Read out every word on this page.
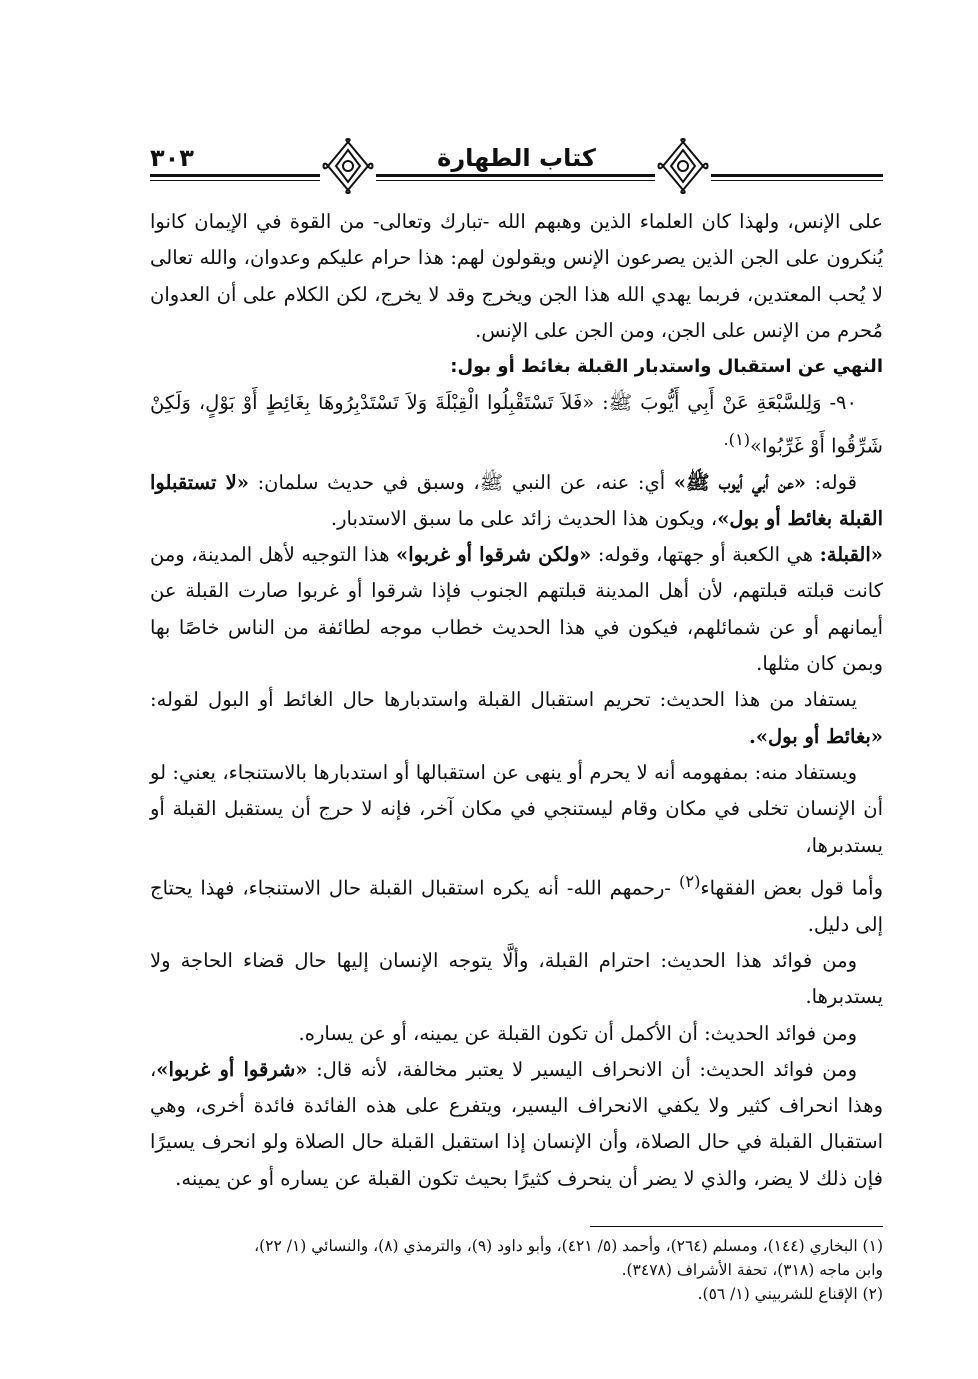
٣٠٣	كتاب الطهارة

على الإنس، ولهذا كان العلماء الذين وهبهم الله -تبارك وتعالى- من القوة في الإيمان كانوا يُنكرون على الجن الذين يصرعون الإنس ويقولون لهم: هذا حرام عليكم وعدوان، والله تعالى لا يُحب المعتدين، فربما يهدي الله هذا الجن ويخرج وقد لا يخرج، لكن الكلام على أن العدوان مُحرم من الإنس على الجن، ومن الجن على الإنس.

النهي عن استقبال واستدبار القبلة بغائط أو بول:

٩٠- وَلِلسَّبْعَةِ عَنْ أَبِي أَيُّوبَ ﷺ: «فَلاَ تَسْتَقْبِلُوا الْقِبْلَةَ وَلاَ تَسْتَدْبِرُوهَا بِغَائِطٍ أَوْ بَوْلٍ، وَلَكِنْ شَرِّقُوا أَوْ غَرِّبُوا»$^{(١).}$

قوله: «عن أبي أيوب ﷺ» أي: عنه، عن النبي ﷺ، وسبق في حديث سلمان: «لا تستقبلوا القبلة بغائط أو بول»، ويكون هذا الحديث زائد على ما سبق الاستدبار.

«القبلة: هي الكعبة أو جهتها، وقوله: «ولكن شرقوا أو غربوا» هذا التوجيه لأهل المدينة، ومن كانت قبلته قبلتهم، لأن أهل المدينة قبلتهم الجنوب فإذا شرقوا أو غربوا صارت القبلة عن أيمانهم أو عن شمائلهم، فيكون في هذا الحديث خطاب موجه لطائفة من الناس خاصًا بها وبمن كان مثلها.

يستفاد من هذا الحديث: تحريم استقبال القبلة واستدبارها حال الغائط أو البول لقوله: «بغائط أو بول».

ويستفاد منه: بمفهومه أنه لا يحرم أو ينهى عن استقبالها أو استدبارها بالاستنجاء، يعني: لو أن الإنسان تخلى في مكان وقام ليستنجي في مكان آخر، فإنه لا حرج أن يستقبل القبلة أو يستدبرها،

وأما قول بعض الفقهاء$^{(٢)}$ -رحمهم الله- أنه يكره استقبال القبلة حال الاستنجاء، فهذا يحتاج إلى دليل.

ومن فوائد هذا الحديث: احترام القبلة، وألَّا يتوجه الإنسان إليها حال قضاء الحاجة ولا يستدبرها.

ومن فوائد الحديث: أن الأكمل أن تكون القبلة عن يمينه، أو عن يساره.

ومن فوائد الحديث: أن الانحراف اليسير لا يعتبر مخالفة، لأنه قال: «شرقوا أو غربوا»، وهذا انحراف كثير ولا يكفي الانحراف اليسير، ويتفرع على هذه الفائدة فائدة أخرى، وهي استقبال القبلة في حال الصلاة، وأن الإنسان إذا استقبل القبلة حال الصلاة ولو انحرف يسيرًا فإن ذلك لا يضر، والذي لا يضر أن ينحرف كثيرًا بحيث تكون القبلة عن يساره أو عن يمينه.

(١) البخاري (١٤٤)، ومسلم (٢٦٤)، وأحمد (٥/ ٤٢١)، وأبو داود (٩)، والترمذي (٨)، والنسائي (١/ ٢٢)،

وابن ماجه (٣١٨)، تحفة الأشراف (٣٤٧٨).

(٢) الإقناع للشربيني (١/ ٥٦).
